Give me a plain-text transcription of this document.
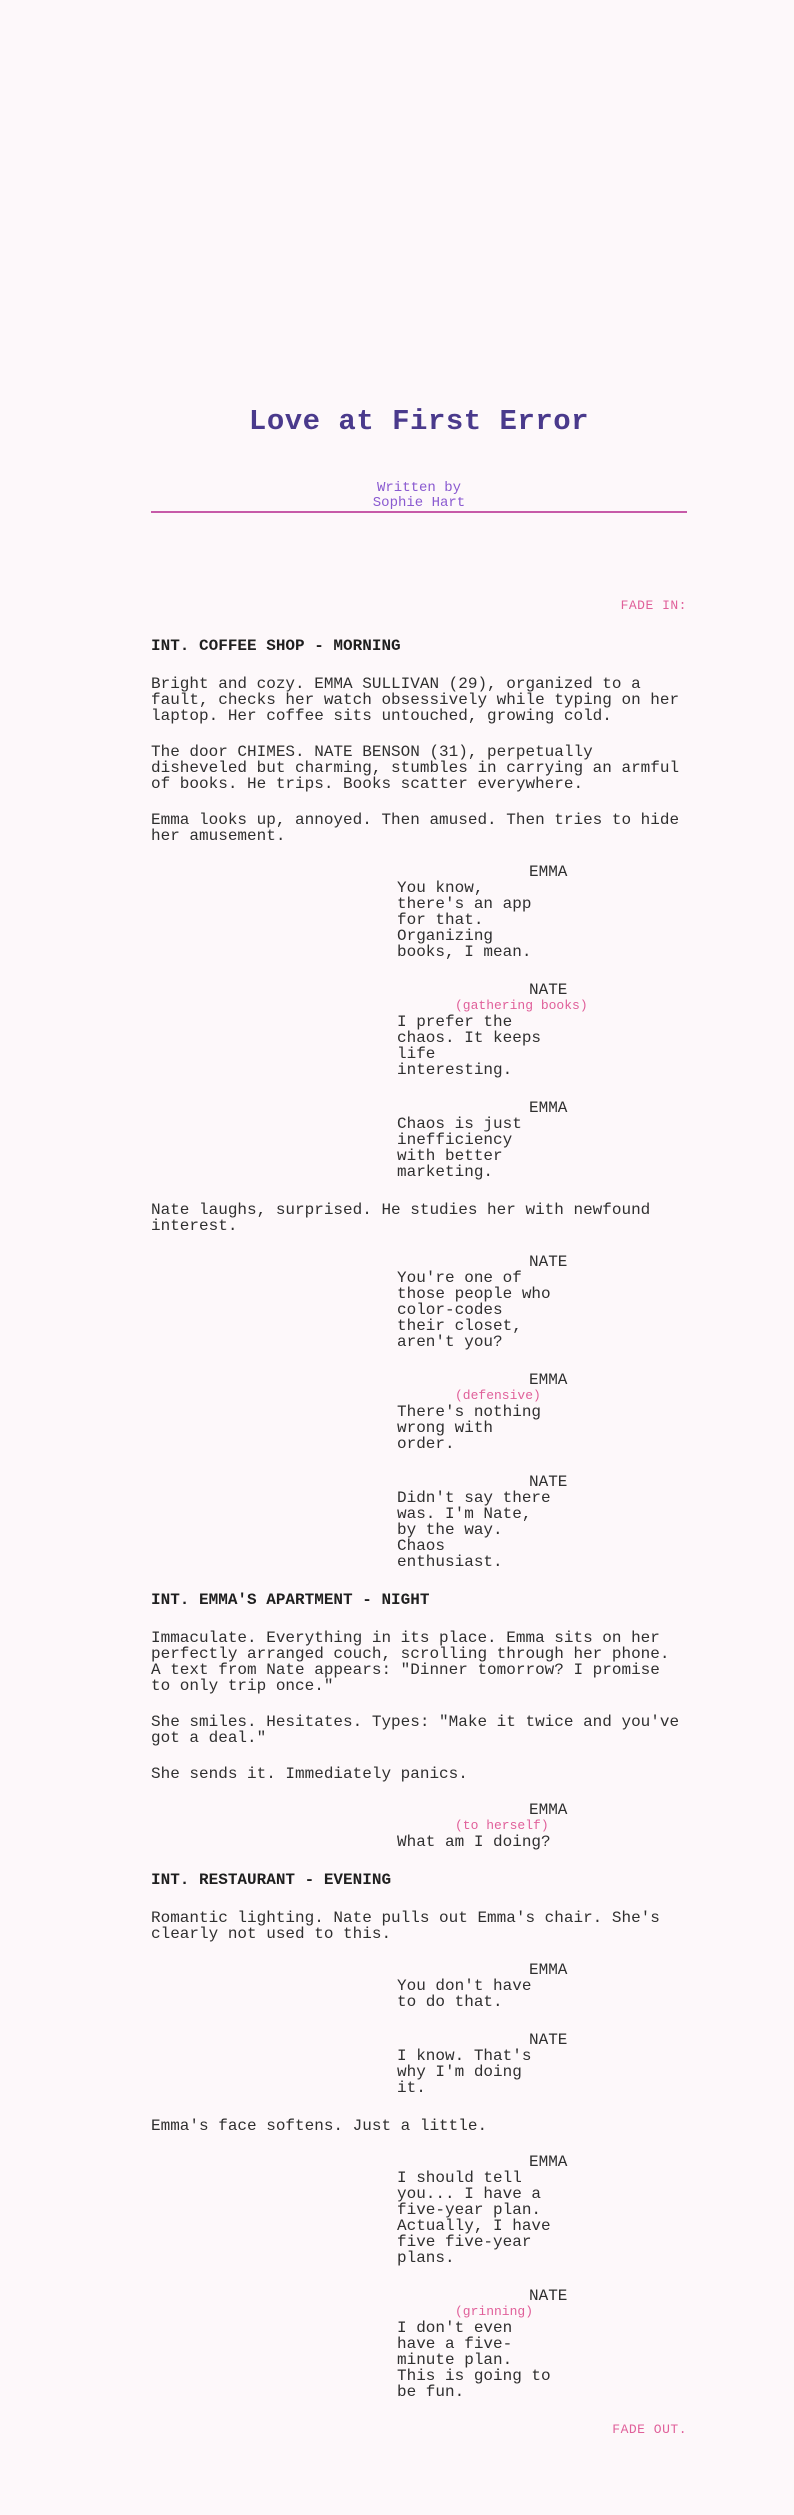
Love at First Error
Written by
Sophie Hart
FADE IN:
INT. COFFEE SHOP - MORNING
Bright and cozy. EMMA SULLIVAN (29), organized to a fault, checks her watch obsessively while typing on her laptop. Her coffee sits untouched, growing cold.
The door CHIMES. NATE BENSON (31), perpetually disheveled but charming, stumbles in carrying an armful of books. He trips. Books scatter everywhere.
Emma looks up, annoyed. Then amused. Then tries to hide her amusement.
EMMA
You know, there's an app for that. Organizing books, I mean.
NATE
(gathering books)
I prefer the chaos. It keeps life interesting.
EMMA
Chaos is just inefficiency with better marketing.
Nate laughs, surprised. He studies her with newfound interest.
NATE
You're one of those people who color-codes their closet, aren't you?
EMMA
(defensive)
There's nothing wrong with order.
NATE
Didn't say there was. I'm Nate, by the way. Chaos enthusiast.
INT. EMMA'S APARTMENT - NIGHT
Immaculate. Everything in its place. Emma sits on her perfectly arranged couch, scrolling through her phone. A text from Nate appears: "Dinner tomorrow? I promise to only trip once."
She smiles. Hesitates. Types: "Make it twice and you've got a deal."
She sends it. Immediately panics.
EMMA
(to herself)
What am I doing?
INT. RESTAURANT - EVENING
Romantic lighting. Nate pulls out Emma's chair. She's clearly not used to this.
EMMA
You don't have to do that.
NATE
I know. That's why I'm doing it.
Emma's face softens. Just a little.
EMMA
I should tell you... I have a five-year plan. Actually, I have five five-year plans.
NATE
(grinning)
I don't even have a five-minute plan. This is going to be fun.
FADE OUT.
